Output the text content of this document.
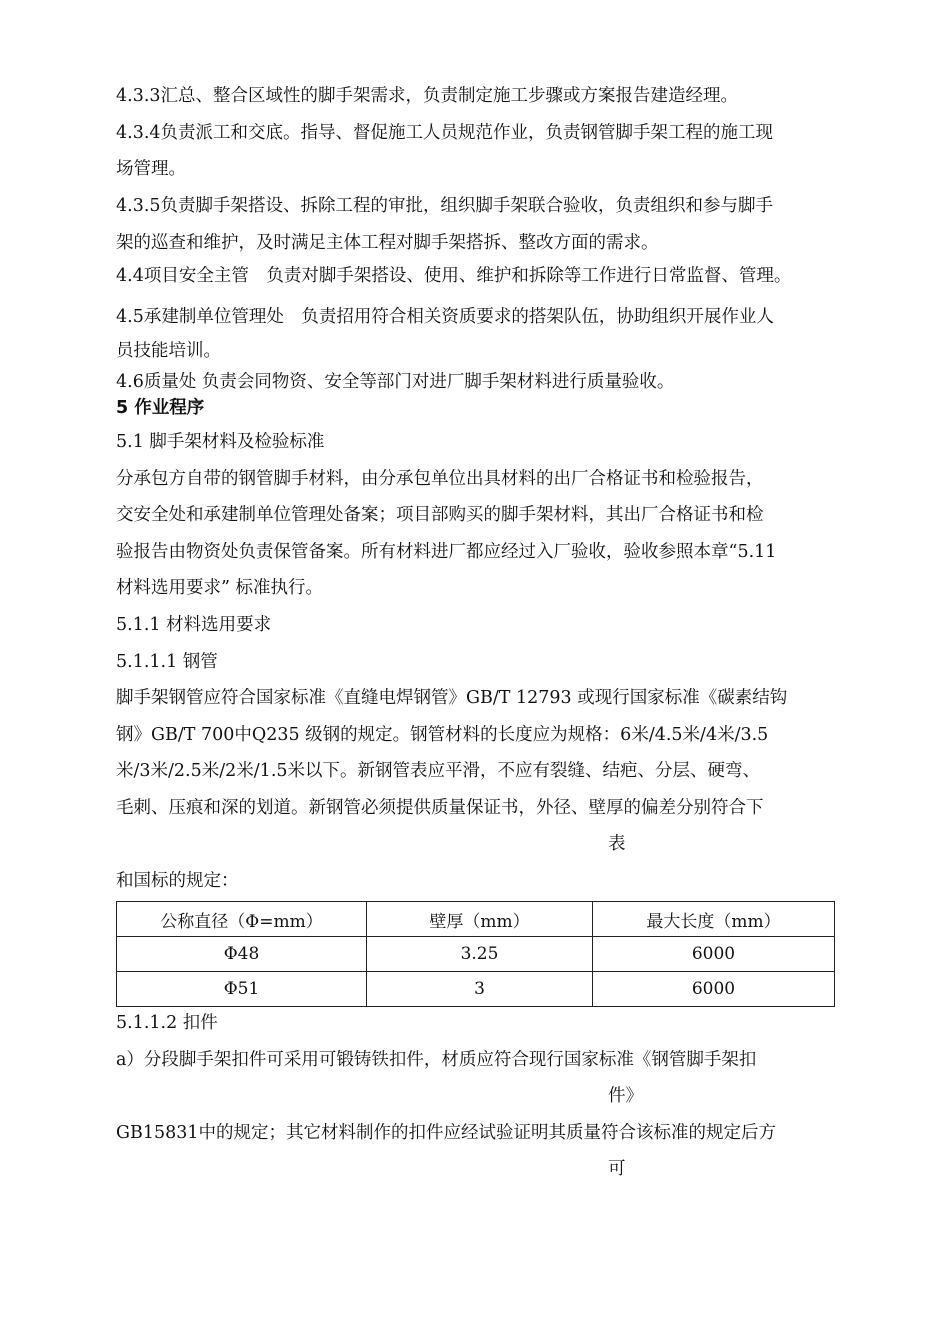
4.3.3汇总、整合区域性的脚手架需求，负责制定施工步骤或方案报告建造经理。
4.3.4负责派工和交底。指导、督促施工人员规范作业，负责钢管脚手架工程的施工现
场管理。
4.3.5负责脚手架搭设、拆除工程的审批，组织脚手架联合验收，负责组织和参与脚手
架的巡查和维护，及时满足主体工程对脚手架搭拆、整改方面的需求。
4.4项目安全主管　负责对脚手架搭设、使用、维护和拆除等工作进行日常监督、管理。
4.5承建制单位管理处　负责招用符合相关资质要求的搭架队伍，协助组织开展作业人
员技能培训。
4.6质量处 负责会同物资、安全等部门对进厂脚手架材料进行质量验收。
5 作业程序
5.1 脚手架材料及检验标准
分承包方自带的钢管脚手材料，由分承包单位出具材料的出厂合格证书和检验报告，
交安全处和承建制单位管理处备案；项目部购买的脚手架材料，其出厂合格证书和检
验报告由物资处负责保管备案。所有材料进厂都应经过入厂验收，验收参照本章“5.11
材料选用要求” 标准执行。
5.1.1 材料选用要求
5.1.1.1 钢管
脚手架钢管应符合国家标准《直缝电焊钢管》GB/T 12793 或现行国家标准《碳素结钩
钢》GB/T 700中Q235 级钢的规定。钢管材料的长度应为规格：6米/4.5米/4米/3.5
米/3米/2.5米/2米/1.5米以下。新钢管表应平滑，不应有裂缝、结疤、分层、硬弯、
毛刺、压痕和深的划道。新钢管必须提供质量保证书，外径、壁厚的偏差分别符合下
表
和国标的规定：
公称直径（Φ=mm）	壁厚（mm）	最大长度（mm）
Φ48	3.25	6000
Φ51	3	6000
5.1.1.2 扣件
a）分段脚手架扣件可采用可锻铸铁扣件，材质应符合现行国家标准《钢管脚手架扣
件》
GB15831中的规定；其它材料制作的扣件应经试验证明其质量符合该标准的规定后方
可
